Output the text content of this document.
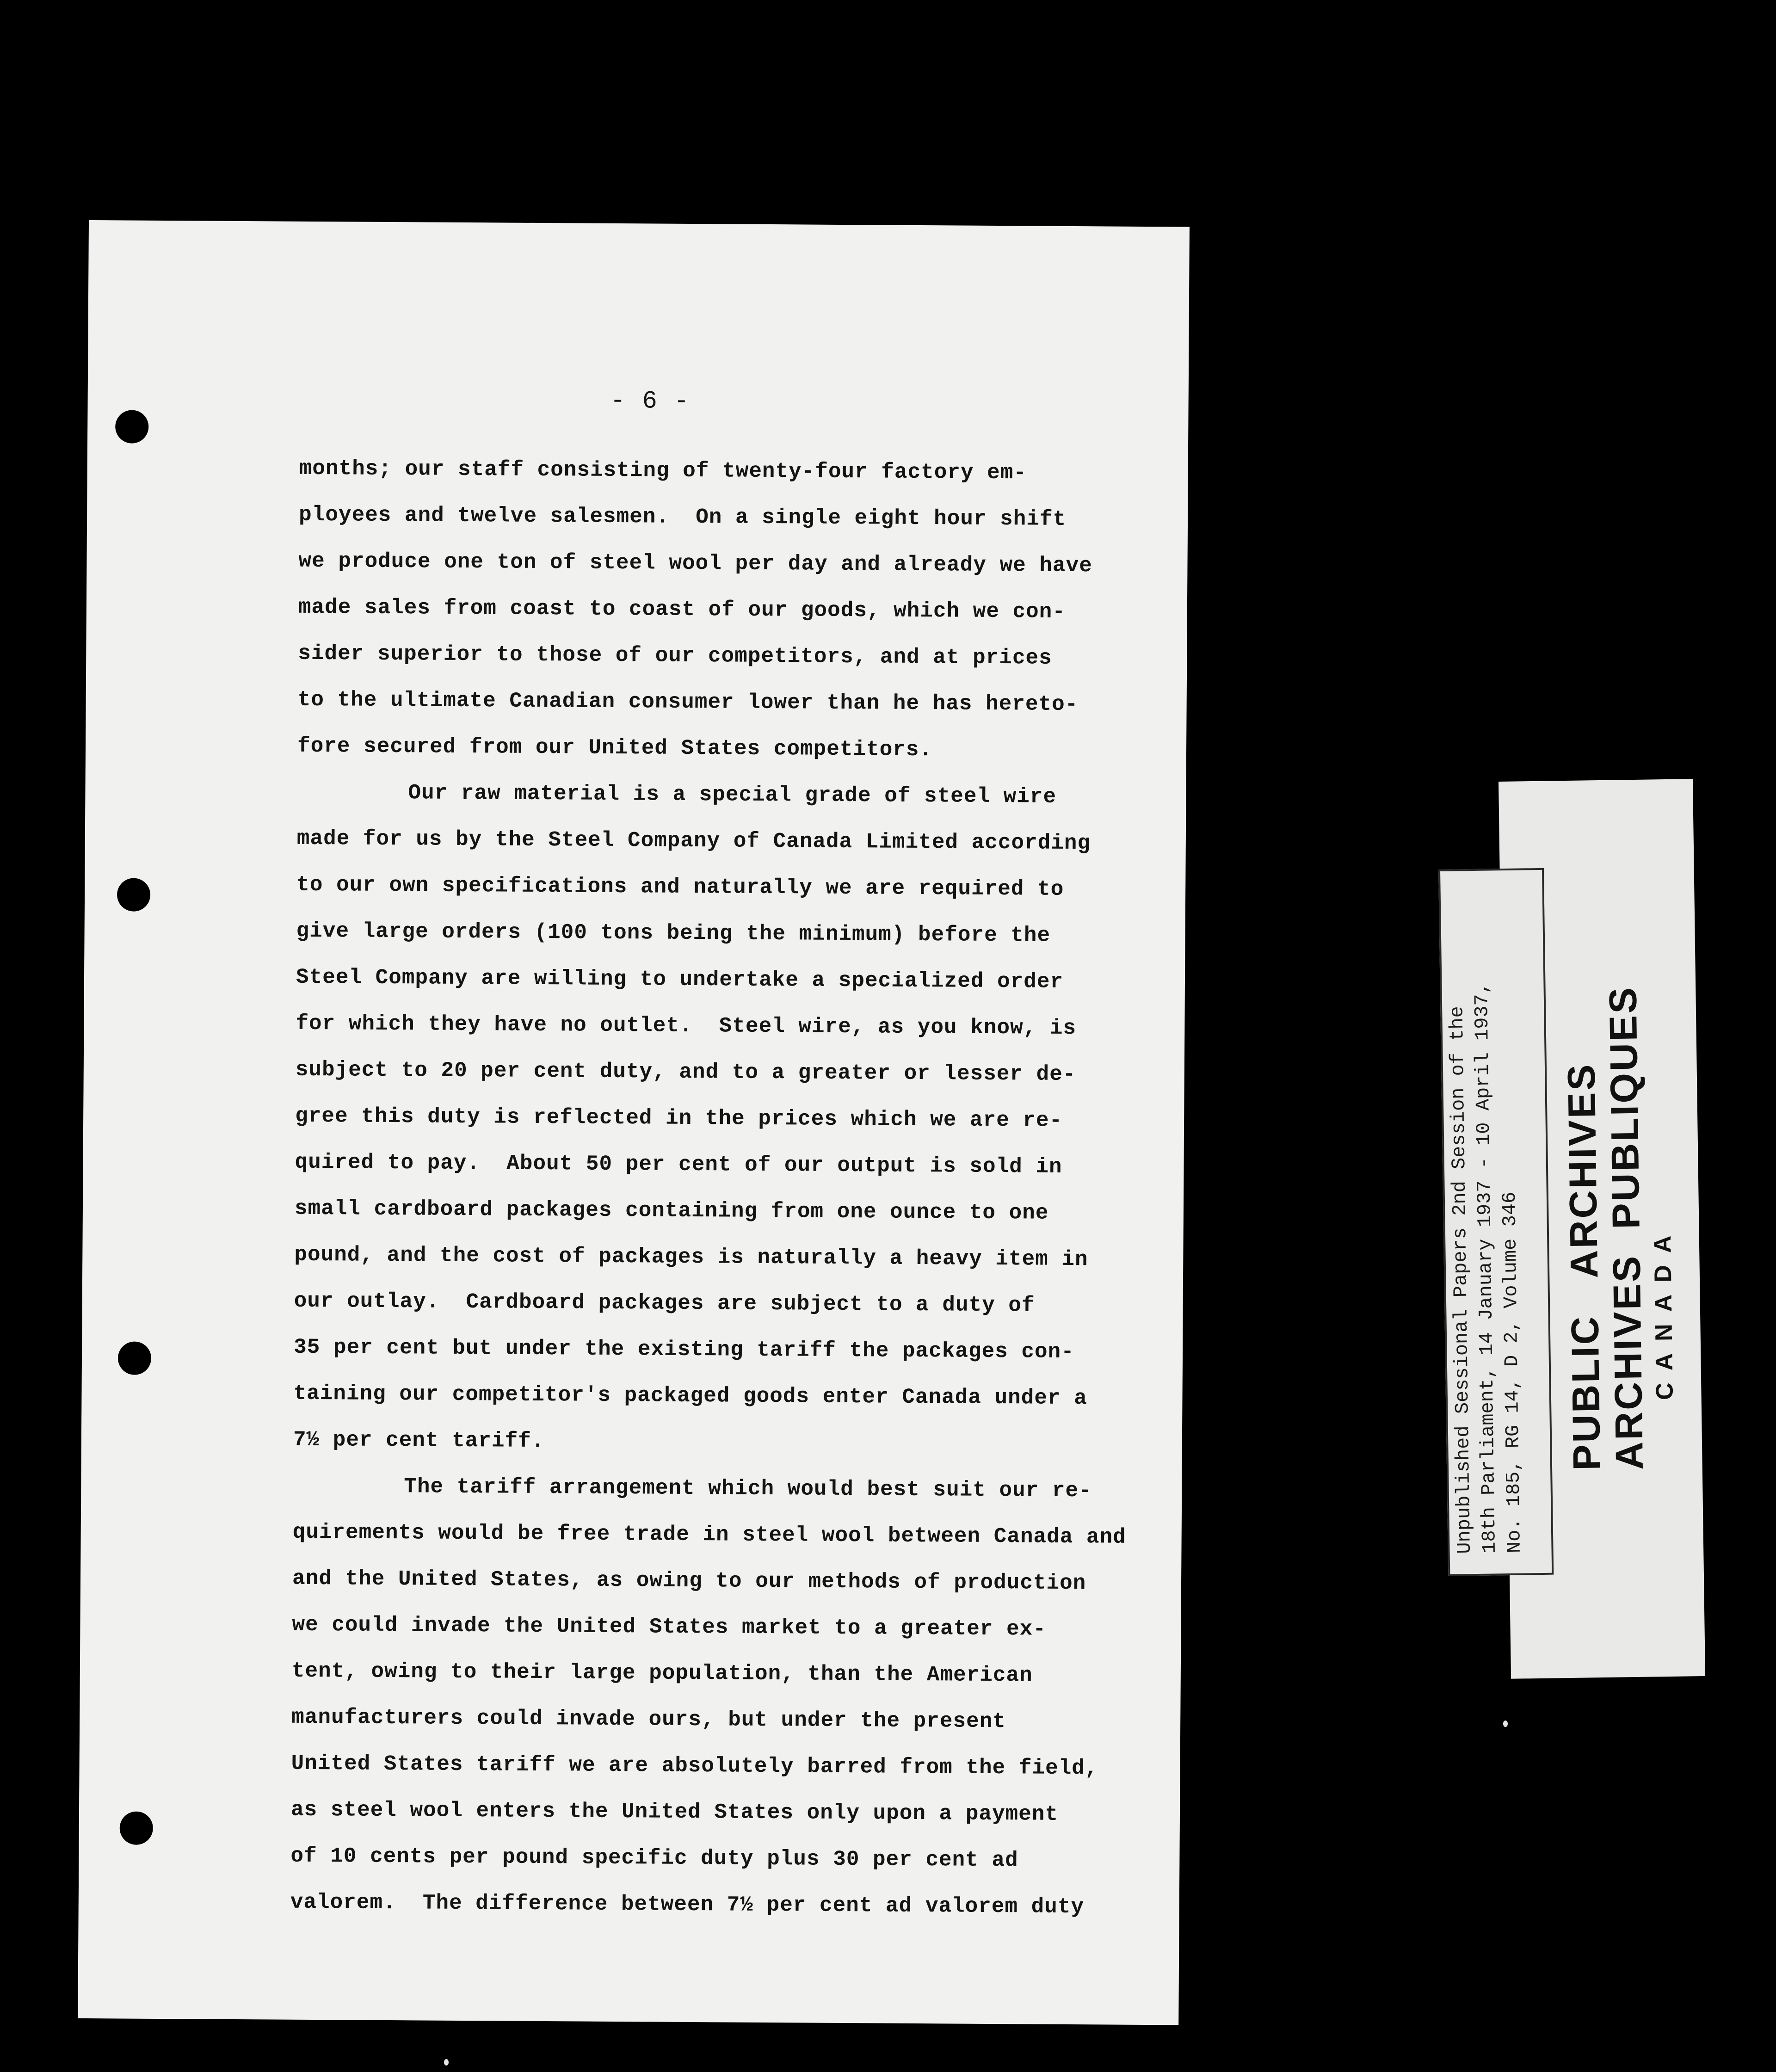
- 6 -
months; our staff consisting of twenty-four factory em-
ployees and twelve salesmen.  On a single eight hour shift
we produce one ton of steel wool per day and already we have
made sales from coast to coast of our goods, which we con-
sider superior to those of our competitors, and at prices
to the ultimate Canadian consumer lower than he has hereto-
fore secured from our United States competitors.
Our raw material is a special grade of steel wire
made for us by the Steel Company of Canada Limited according
to our own specifications and naturally we are required to
give large orders (100 tons being the minimum) before the
Steel Company are willing to undertake a specialized order
for which they have no outlet.  Steel wire, as you know, is
subject to 20 per cent duty, and to a greater or lesser de-
gree this duty is reflected in the prices which we are re-
quired to pay.  About 50 per cent of our output is sold in
small cardboard packages containing from one ounce to one
pound, and the cost of packages is naturally a heavy item in
our outlay.  Cardboard packages are subject to a duty of
35 per cent but under the existing tariff the packages con-
taining our competitor's packaged goods enter Canada under a
7½ per cent tariff.
The tariff arrangement which would best suit our re-
quirements would be free trade in steel wool between Canada and
and the United States, as owing to our methods of production
we could invade the United States market to a greater ex-
tent, owing to their large population, than the American
manufacturers could invade ours, but under the present
United States tariff we are absolutely barred from the field,
as steel wool enters the United States only upon a payment
of 10 cents per pound specific duty plus 30 per cent ad
valorem.  The difference between 7½ per cent ad valorem duty
Unpublished Sessional Papers 2nd Session of the
18th Parliament, 14 January 1937 - 10 April 1937, No. 185, RG 14, D 2, Volume 346 PUBLIC   ARCHIVES
ARCHIVES  PUBLIQUES
CANADA
